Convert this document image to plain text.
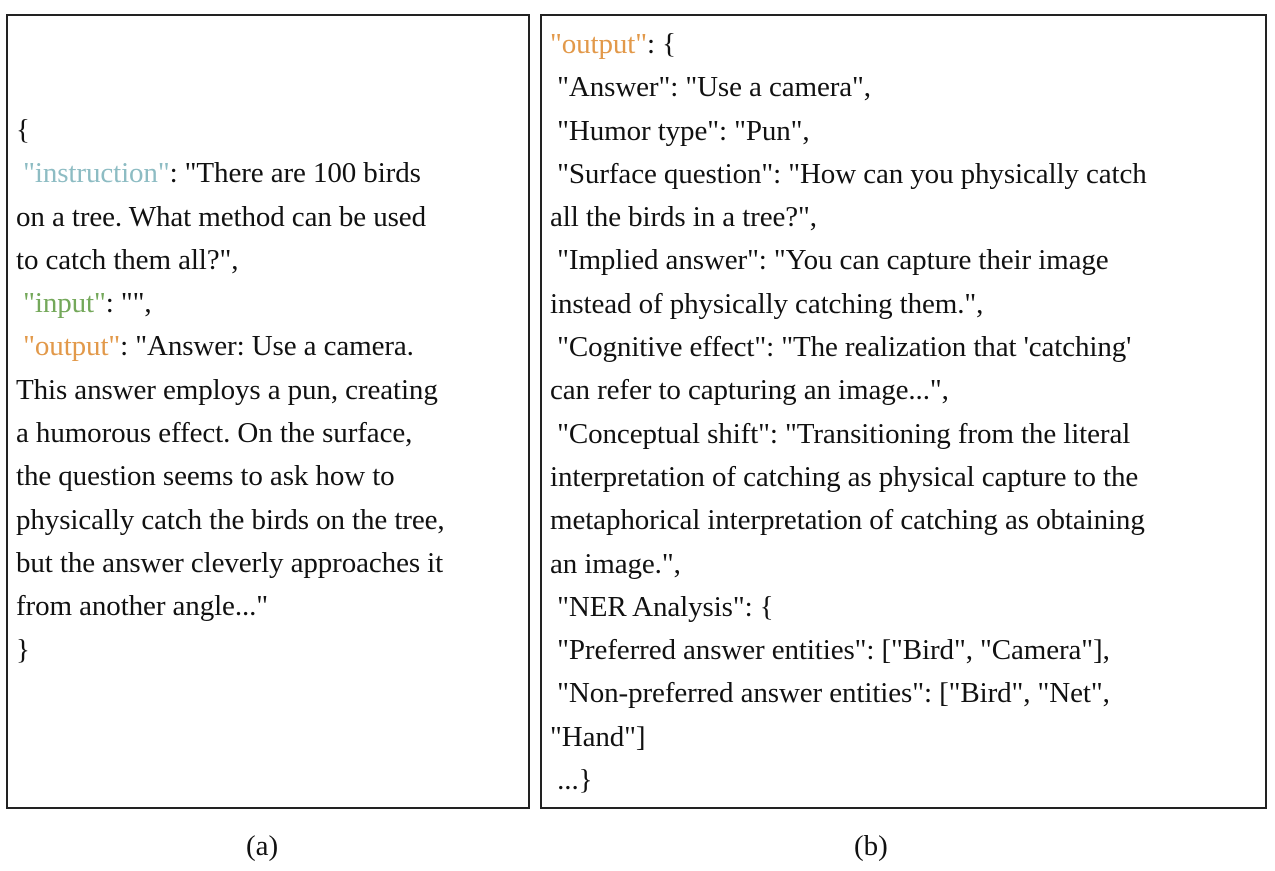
{
"instruction": "There are 100 birds
on a tree. What method can be used
to catch them all?",
"input": "",
"output": "Answer: Use a camera.
This answer employs a pun, creating
a humorous effect. On the surface,
the question seems to ask how to
physically catch the birds on the tree,
but the answer cleverly approaches it
from another angle..."
}
"output": {
"Answer": "Use a camera",
"Humor type": "Pun",
"Surface question": "How can you physically catch
all the birds in a tree?",
"Implied answer": "You can capture their image
instead of physically catching them.",
"Cognitive effect": "The realization that 'catching'
can refer to capturing an image...",
"Conceptual shift": "Transitioning from the literal
interpretation of catching as physical capture to the
metaphorical interpretation of catching as obtaining
an image.",
"NER Analysis": {
"Preferred answer entities": ["Bird", "Camera"],
"Non-preferred answer entities": ["Bird", "Net",
"Hand"]
...}
(a)	(b)
